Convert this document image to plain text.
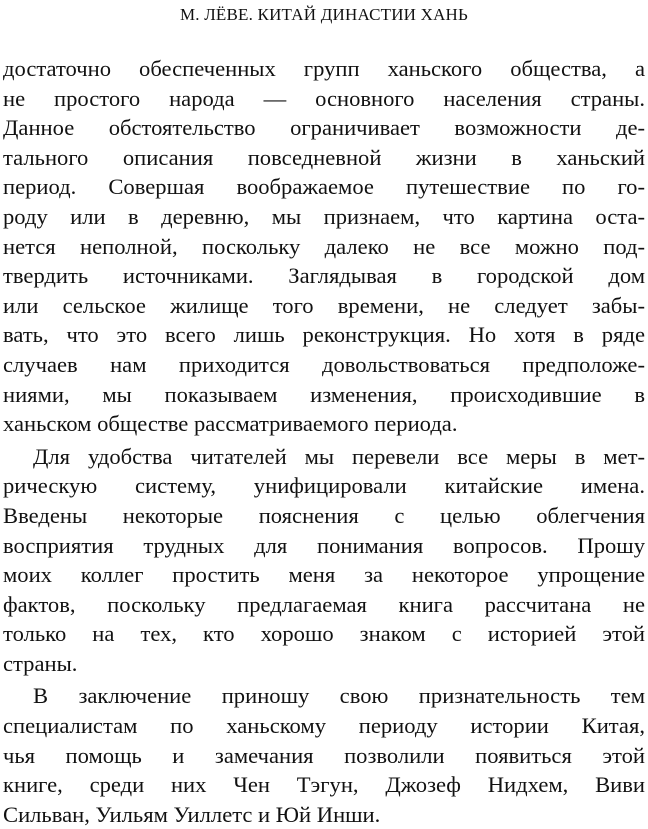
М. ЛЁВЕ. КИТАЙ ДИНАСТИИ ХАНЬ
достаточно обеспеченных групп ханьского общества, а
не простого народа — основного населения страны.
Данное обстоятельство ограничивает возможности де-
тального описания повседневной жизни в ханьский
период. Совершая воображаемое путешествие по го-
роду или в деревню, мы признаем, что картина оста-
нется неполной, поскольку далеко не все можно под-
твердить источниками. Заглядывая в городской дом
или сельское жилище того времени, не следует забы-
вать, что это всего лишь реконструкция. Но хотя в ряде
случаев нам приходится довольствоваться предположе-
ниями, мы показываем изменения, происходившие в
ханьском обществе рассматриваемого периода.
Для удобства читателей мы перевели все меры в мет-
рическую систему, унифицировали китайские имена.
Введены некоторые пояснения с целью облегчения
восприятия трудных для понимания вопросов. Прошу
моих коллег простить меня за некоторое упрощение
фактов, поскольку предлагаемая книга рассчитана не
только на тех, кто хорошо знаком с историей этой
страны.
В заключение приношу свою признательность тем
специалистам по ханьскому периоду истории Китая,
чья помощь и замечания позволили появиться этой
книге, среди них Чен Тэгун, Джозеф Нидхем, Виви
Сильван, Уильям Уиллетс и Юй Инши.
